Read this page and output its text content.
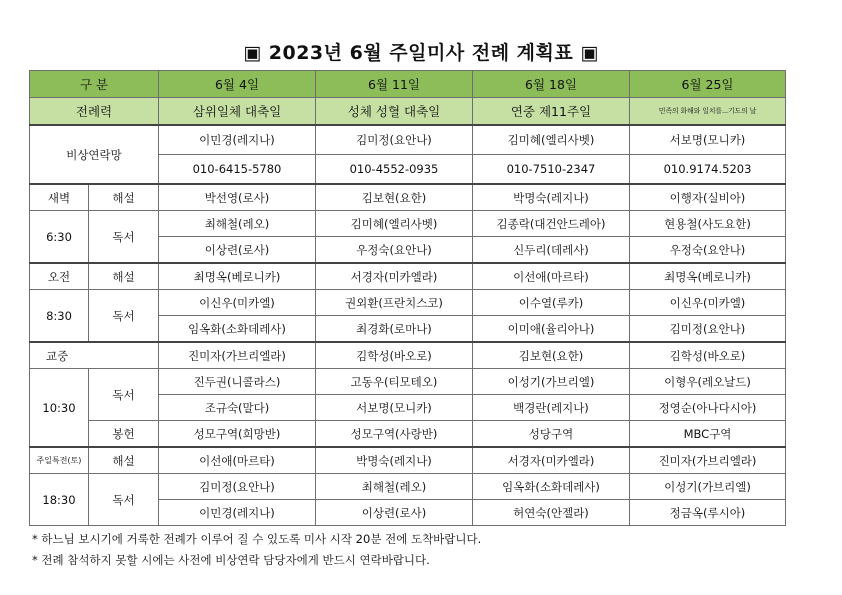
▣ 2023년 6월 주일미사 전례 계획표 ▣
구 분		6월 4일	6월 11일	6월 18일	6월 25일
전례력		삼위일체 대축일	성체 성혈 대축일	연중 제11주일	민족의 화해와 일치를...기도의 날
비상연락망		이민경(레지나)	김미정(요안나)	김미혜(엘리사벳)	서보명(모니카)
		010-6415-5780	010-4552-0935	010-7510-2347	010.9174.5203
새벽	해설	박선영(로사)	김보현(요한)	박명숙(레지나)	이행자(실비아)
6:30	독서	최해철(레오)	김미혜(엘리사벳)	김종락(대건안드레아)	현용철(사도요한)
		이상련(로사)	우정숙(요안나)	신두리(데레사)	우정숙(요안나)
오전	해설	최명옥(베로니카)	서경자(미카엘라)	이선애(마르타)	최명옥(베로니카)
8:30	독서	이신우(미카엘)	권외환(프란치스코)	이수열(루카)	이신우(미카엘)
		임옥화(소화데레사)	최경화(로마나)	이미애(율리아나)	김미정(요안나)
교중		진미자(가브리엘라)	김학성(바오로)	김보현(요한)	김학성(바오로)
10:30	독서	진두권(니콜라스)	고동우(티모테오)	이성기(가브리엘)	이형우(레오날드)
		조규숙(말다)	서보명(모니카)	백경란(레지나)	정영순(아나다시아)
	봉헌	성모구역(희망반)	성모구역(사랑반)	성당구역	MBC구역
주일특전(토)	해설	이선애(마르타)	박명숙(레지나)	서경자(미카엘라)	진미자(가브리엘라)
18:30	독서	김미정(요안나)	최해철(레오)	임옥화(소화데레사)	이성기(가브리엘)
		이민경(레지나)	이상련(로사)	허연숙(안젤라)	정금옥(루시아)
* 하느님 보시기에 거룩한 전례가 이루어 질 수 있도록 미사 시작 20분 전에 도착바랍니다.
* 전례 참석하지 못할 시에는 사전에 비상연락 담당자에게 반드시 연락바랍니다.
